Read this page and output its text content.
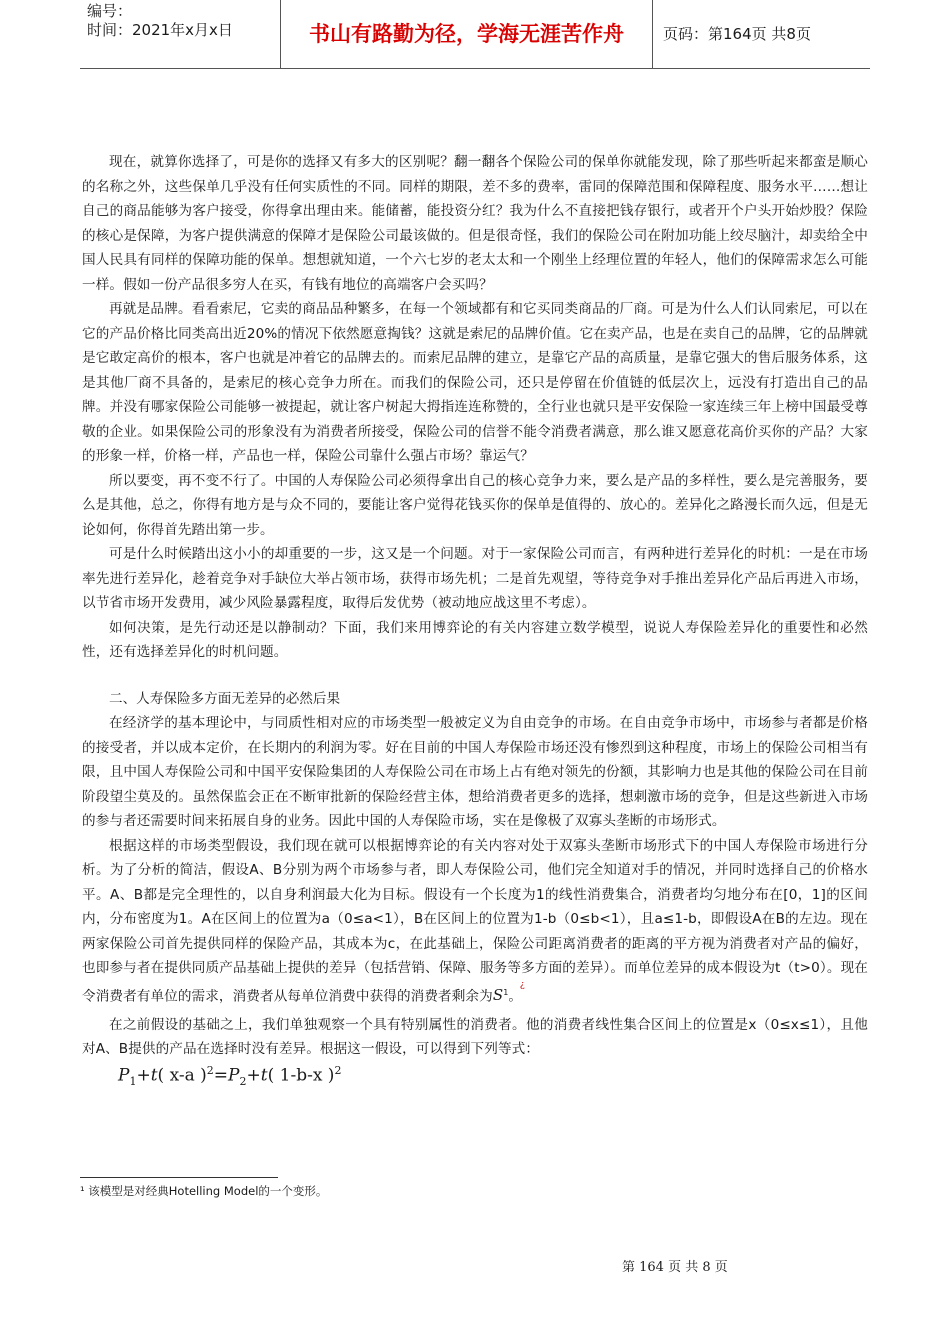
编号：
时间：2021年x月x日	书山有路勤为径，学海无涯苦作舟	页码：第164页 共8页

现在，就算你选择了，可是你的选择又有多大的区别呢？翻一翻各个保险公司的保单你就能发现，除了那些听起来都蛮是顺心的名称之外，这些保单几乎没有任何实质性的不同。同样的期限，差不多的费率，雷同的保障范围和保障程度、服务水平……想让自己的商品能够为客户接受，你得拿出理由来。能储蓄，能投资分红？我为什么不直接把钱存银行，或者开个户头开始炒股？保险的核心是保障，为客户提供满意的保障才是保险公司最该做的。但是很奇怪，我们的保险公司在附加功能上绞尽脑汁，却卖给全中国人民具有同样的保障功能的保单。想想就知道，一个六七岁的老太太和一个刚坐上经理位置的年轻人，他们的保障需求怎么可能一样。假如一份产品很多穷人在买，有钱有地位的高端客户会买吗？

再就是品牌。看看索尼，它卖的商品品种繁多，在每一个领域都有和它买同类商品的厂商。可是为什么人们认同索尼，可以在它的产品价格比同类高出近20%的情况下依然愿意掏钱？这就是索尼的品牌价值。它在卖产品，也是在卖自己的品牌，它的品牌就是它敢定高价的根本，客户也就是冲着它的品牌去的。而索尼品牌的建立，是靠它产品的高质量，是靠它强大的售后服务体系，这是其他厂商不具备的，是索尼的核心竞争力所在。而我们的保险公司，还只是停留在价值链的低层次上，远没有打造出自己的品牌。并没有哪家保险公司能够一被提起，就让客户树起大拇指连连称赞的，全行业也就只是平安保险一家连续三年上榜中国最受尊敬的企业。如果保险公司的形象没有为消费者所接受，保险公司的信誉不能令消费者满意，那么谁又愿意花高价买你的产品？大家的形象一样，价格一样，产品也一样，保险公司靠什么强占市场？靠运气？

所以要变，再不变不行了。中国的人寿保险公司必须得拿出自己的核心竞争力来，要么是产品的多样性，要么是完善服务，要么是其他，总之，你得有地方是与众不同的，要能让客户觉得花钱买你的保单是值得的、放心的。差异化之路漫长而久远，但是无论如何，你得首先踏出第一步。

可是什么时候踏出这小小的却重要的一步，这又是一个问题。对于一家保险公司而言，有两种进行差异化的时机：一是在市场率先进行差异化，趁着竞争对手缺位大举占领市场，获得市场先机；二是首先观望，等待竞争对手推出差异化产品后再进入市场，以节省市场开发费用，减少风险暴露程度，取得后发优势（被动地应战这里不考虑）。

如何决策，是先行动还是以静制动？下面，我们来用博弈论的有关内容建立数学模型，说说人寿保险差异化的重要性和必然性，还有选择差异化的时机问题。

二、人寿保险多方面无差异的必然后果

在经济学的基本理论中，与同质性相对应的市场类型一般被定义为自由竞争的市场。在自由竞争市场中，市场参与者都是价格的接受者，并以成本定价，在长期内的利润为零。好在目前的中国人寿保险市场还没有惨烈到这种程度，市场上的保险公司相当有限，且中国人寿保险公司和中国平安保险集团的人寿保险公司在市场上占有绝对领先的份额，其影响力也是其他的保险公司在目前阶段望尘莫及的。虽然保监会正在不断审批新的保险经营主体，想给消费者更多的选择，想刺激市场的竞争，但是这些新进入市场的参与者还需要时间来拓展自身的业务。因此中国的人寿保险市场，实在是像极了双寡头垄断的市场形式。

根据这样的市场类型假设，我们现在就可以根据博弈论的有关内容对处于双寡头垄断市场形式下的中国人寿保险市场进行分析。为了分析的简洁，假设A、B分别为两个市场参与者，即人寿保险公司，他们完全知道对手的情况，并同时选择自己的价格水平。A、B都是完全理性的，以自身利润最大化为目标。假设有一个长度为1的线性消费集合，消费者均匀地分布在[0，1]的区间内，分布密度为1。A在区间上的位置为a（0≤a<1），B在区间上的位置为1-b（0≤b<1），且a≤1-b，即假设A在B的左边。现在两家保险公司首先提供同样的保险产品，其成本为c，在此基础上，保险公司距离消费者的距离的平方视为消费者对产品的偏好，也即参与者在提供同质产品基础上提供的差异（包括营销、保障、服务等多方面的差异）。而单位差异的成本假设为t（t>0）。现在令消费者有单位的需求，消费者从每单位消费中获得的消费者剩余为
¿
$S^1$。

在之前假设的基础之上，我们单独观察一个具有特别属性的消费者。他的消费者线性集合区间上的位置是x（0≤x≤1），且他对A、B提供的产品在选择时没有差异。根据这一假设，可以得到下列等式：

$P_1+t$( x-a )$^2=P_2+t$( 1-b-x )$^2$
¹ 该模型是对经典Hotelling Model的一个变形。
第 164 页 共 8 页
